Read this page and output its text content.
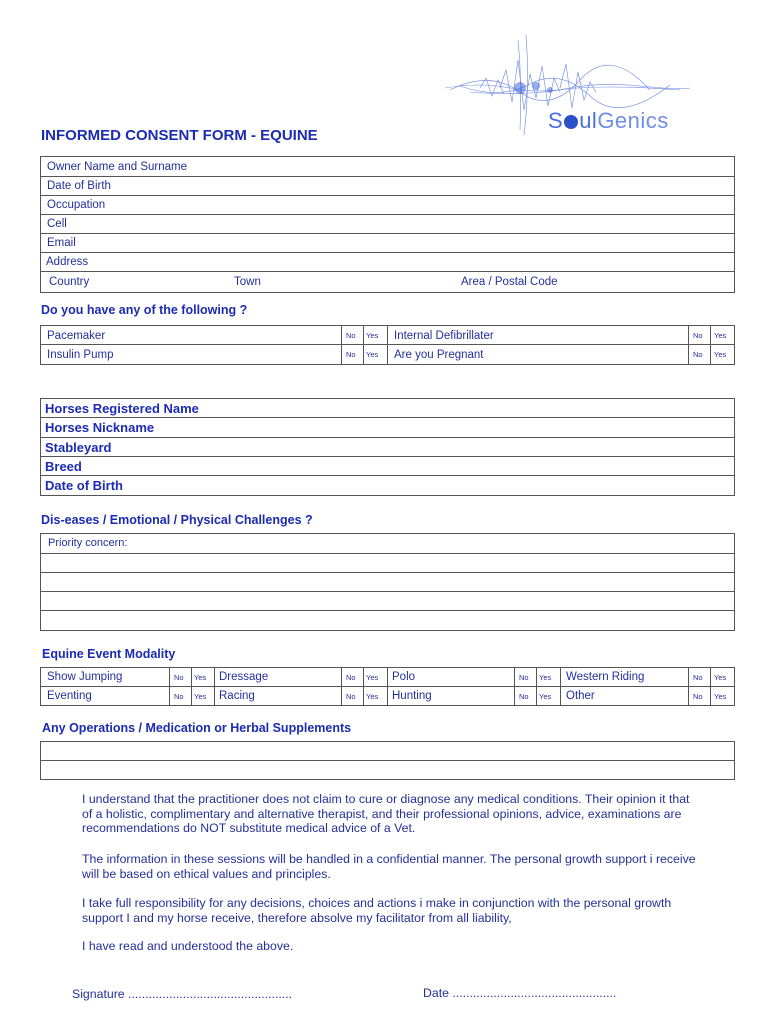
S ulGenics
INFORMED CONSENT FORM - EQUINE
Owner Name and Surname
Date of Birth
Occupation
Cell
Email
Address
Country	Town	Area / Postal Code
Do you have any of the following ?
Pacemaker	No Yes Internal Defibrillater	No Yes
Insulin Pump	No Yes Are you Pregnant	No Yes
Horses Registered Name
Horses Nickname
Stableyard
Breed
Date of Birth
Dis-eases / Emotional / Physical Challenges ?
Priority concern:
Equine Event Modality
Show Jumping	No Yes Dressage	No Yes Polo	No Yes Western Riding	No Yes
Eventing	No Yes Racing	No Yes Hunting	No Yes Other	No Yes
Any Operations / Medication or Herbal Supplements
I understand that the practitioner does not claim to cure or diagnose any medical conditions. Their opinion it that of a holistic, complimentary and alternative therapist, and their professional opinions, advice, examinations are recommendations do NOT substitute medical advice of a Vet.
The information in these sessions will be handled in a confidential manner. The personal growth support i receive will be based on ethical values and principles.
I take full responsibility for any decisions, choices and actions i make in conjunction with the personal growth support I and my horse receive, therefore absolve my facilitator from all liability,
I have read and understood the above.
Signature ................................................	Date ................................................
